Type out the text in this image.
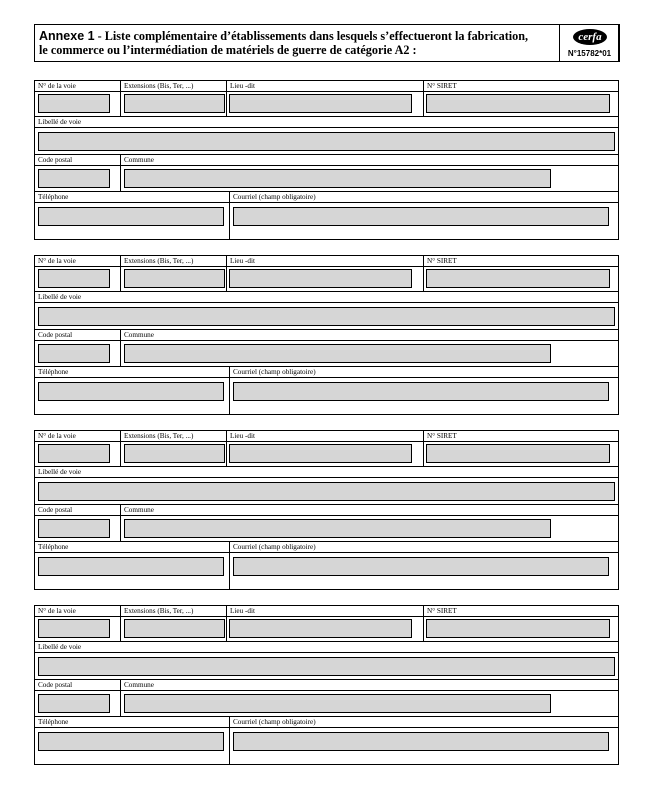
Annexe 1 - Liste complémentaire d’établissements dans lesquels s’effectueront la fabrication,
le commerce ou l’intermédiation de matériels de guerre de catégorie A2 :
cerfa
N°15782*01
N° de la voie	Extensions (Bis, Ter, ...)	Lieu -dit	N° SIRET
Libellé de voie
Code postal	Commune
Téléphone	Courriel (champ obligatoire)
N° de la voie	Extensions (Bis, Ter, ...)	Lieu -dit	N° SIRET
Libellé de voie
Code postal	Commune
Téléphone	Courriel (champ obligatoire)
N° de la voie	Extensions (Bis, Ter, ...)	Lieu -dit	N° SIRET
Libellé de voie
Code postal	Commune
Téléphone	Courriel (champ obligatoire)
N° de la voie	Extensions (Bis, Ter, ...)	Lieu -dit	N° SIRET
Libellé de voie
Code postal	Commune
Téléphone	Courriel (champ obligatoire)
